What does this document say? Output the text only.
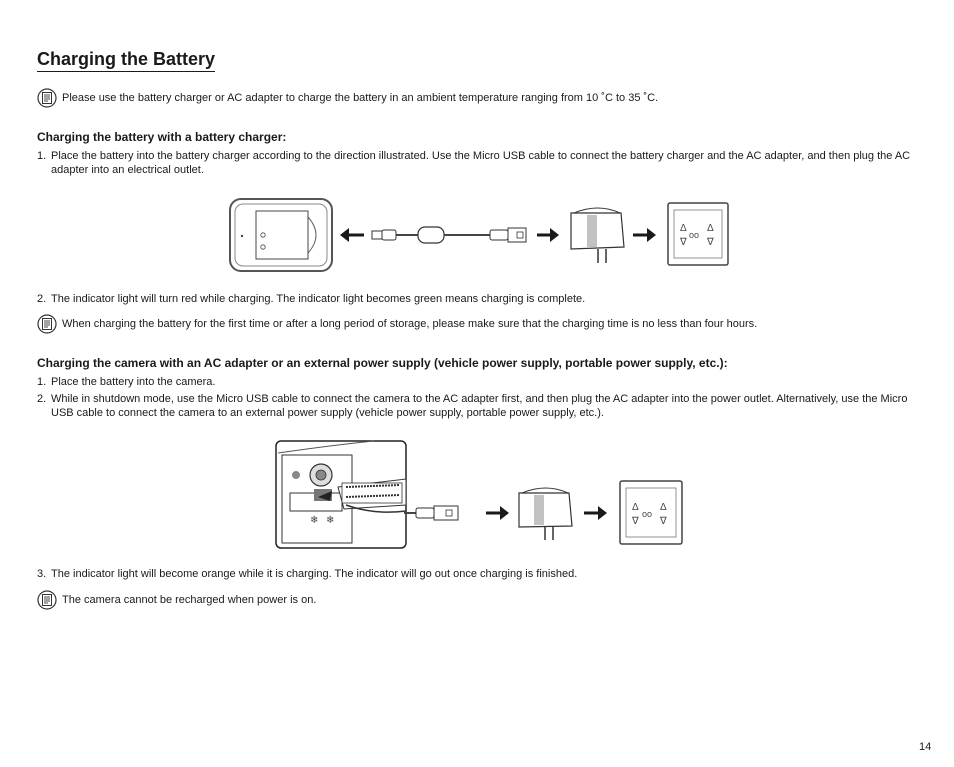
Charging the Battery
Please use the battery charger or AC adapter to charge the battery in an ambient temperature ranging from 10 ˚C to 35 ˚C.
Charging the battery with a battery charger:
1. Place the battery into the battery charger according to the direction illustrated. Use the Micro USB cable to connect the battery charger and the AC adapter, and then plug the AC adapter into an electrical outlet.
Δ Δ
∇ ∇
oo
2. The indicator light will turn red while charging. The indicator light becomes green means charging is complete.
When charging the battery for the first time or after a long period of storage, please make sure that the charging time is no less than four hours.
Charging the camera with an AC adapter or an external power supply (vehicle power supply, portable power supply, etc.):
1. Place the battery into the camera.
2. While in shutdown mode, use the Micro USB cable to connect the camera to the AC adapter first, and then plug the AC adapter into the power outlet. Alternatively, use the Micro USB cable to connect the camera to an external power supply (vehicle power supply, portable power supply, etc.).
❄ ❄
Δ Δ
∇ ∇
oo
3. The indicator light will become orange while it is charging. The indicator will go out once charging is finished.
The camera cannot be recharged when power is on.
14
